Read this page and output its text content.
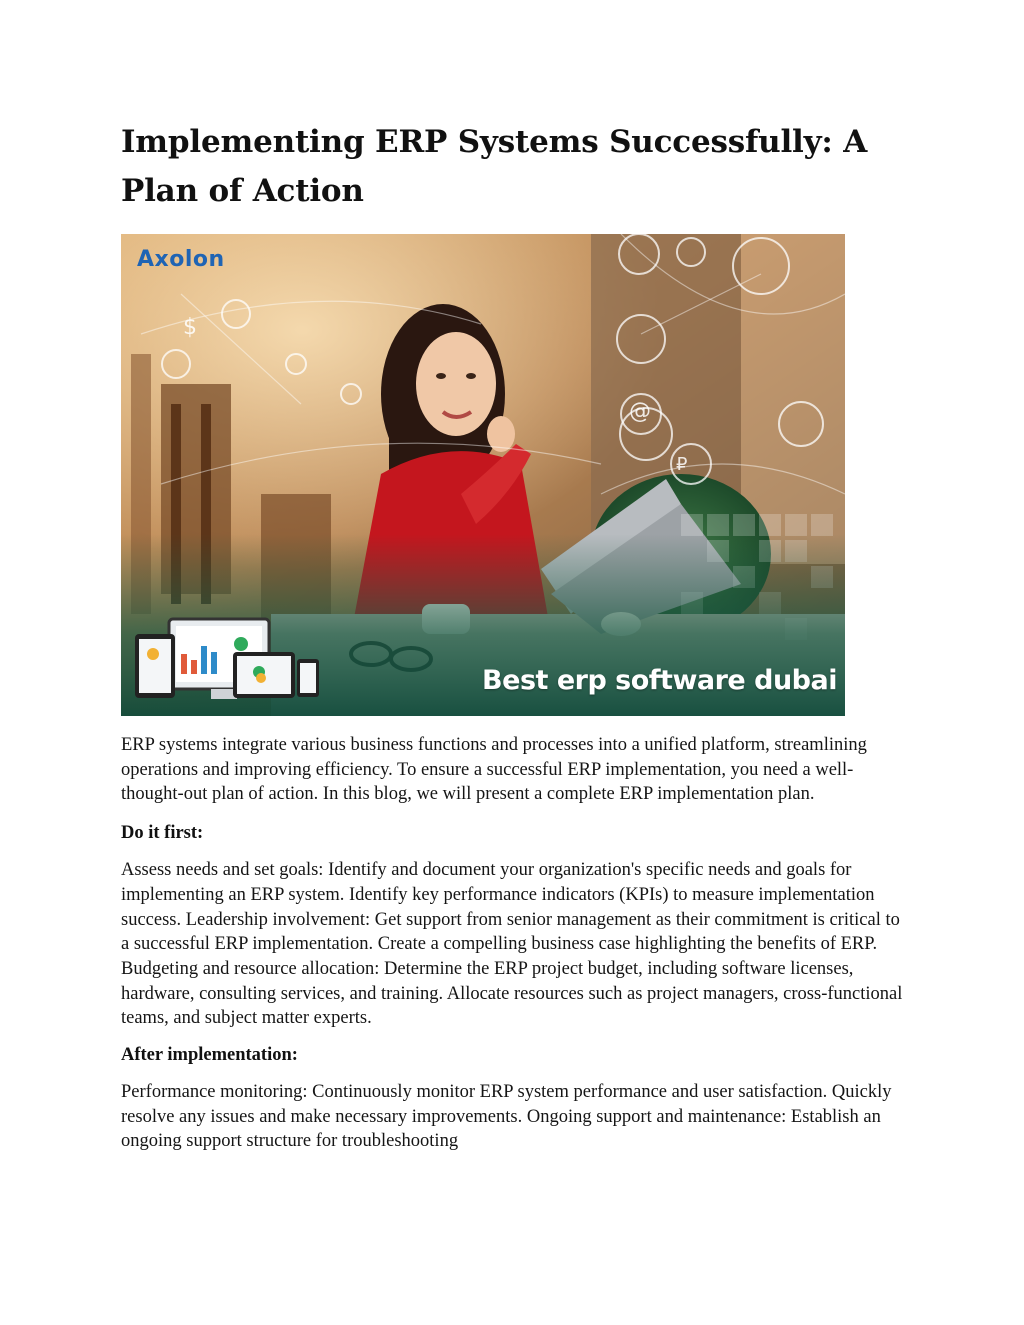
Implementing ERP Systems Successfully: A Plan of Action
$
@
₽
Axolon
Best erp software dubai

ERP systems integrate various business functions and processes into a unified platform, streamlining operations and improving efficiency. To ensure a successful ERP implementation, you need a well-thought-out plan of action. In this blog, we will present a complete ERP implementation plan.

Do it first:

Assess needs and set goals: Identify and document your organization's specific needs and goals for implementing an ERP system. Identify key performance indicators (KPIs) to measure implementation success. Leadership involvement: Get support from senior management as their commitment is critical to a successful ERP implementation. Create a compelling business case highlighting the benefits of ERP. Budgeting and resource allocation: Determine the ERP project budget, including software licenses, hardware, consulting services, and training. Allocate resources such as project managers, cross-functional teams, and subject matter experts.

After implementation:

Performance monitoring: Continuously monitor ERP system performance and user satisfaction. Quickly resolve any issues and make necessary improvements. Ongoing support and maintenance: Establish an ongoing support structure for troubleshooting
